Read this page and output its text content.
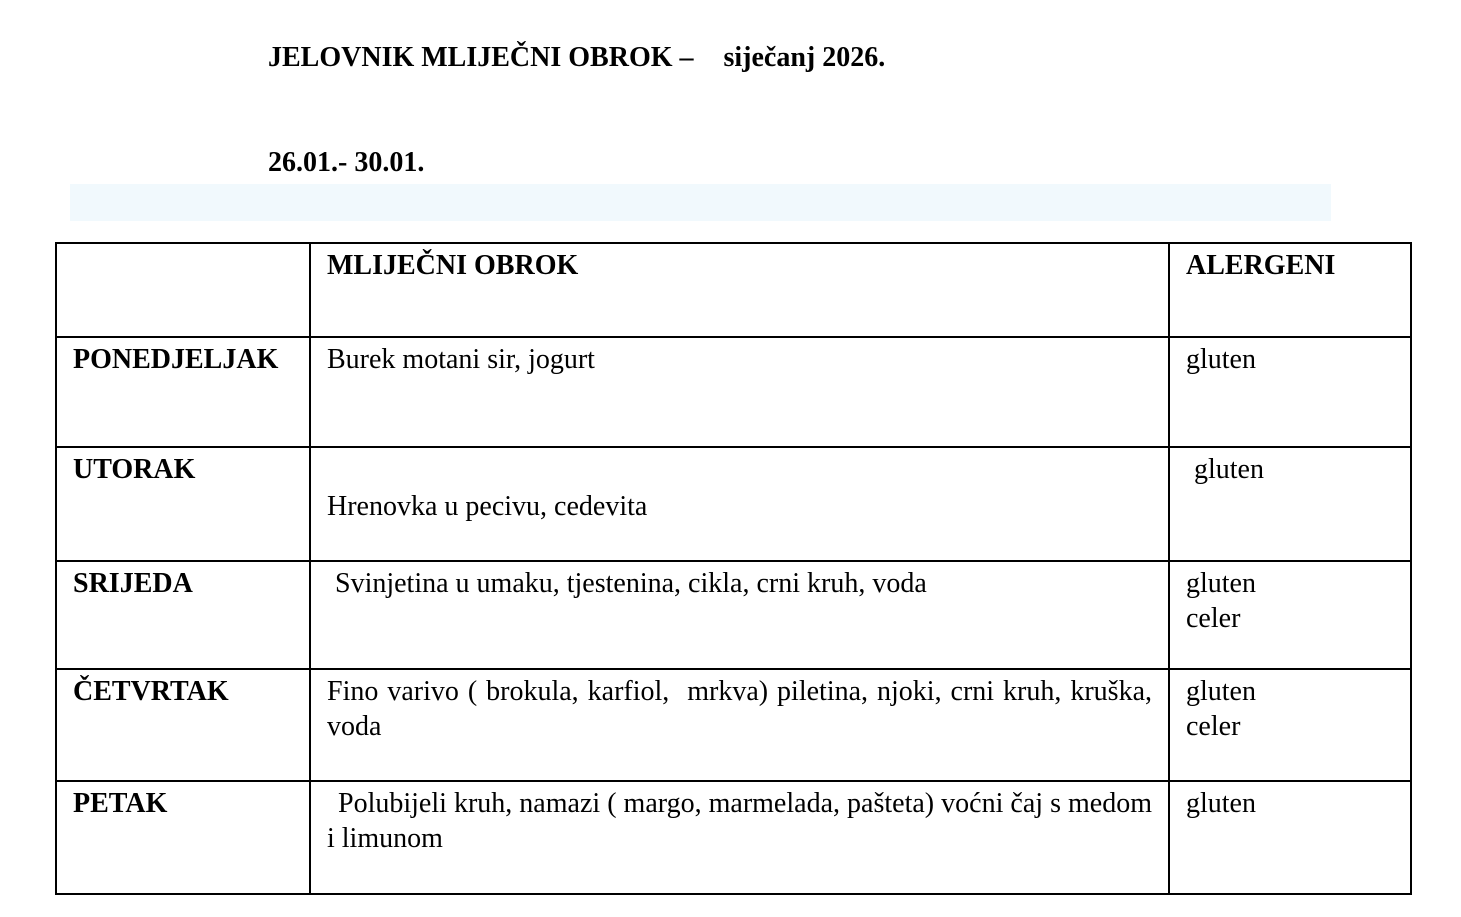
JELOVNIK MLIJEČNI OBROK – siječanj 2026.

26.01.- 30.01.

	MLIJEČNI OBROK	ALERGENI
PONEDJELJAK	Burek motani sir, jogurt	gluten

UTORAK	Hrenovka u pecivu, cedevita	gluten

SRIJEDA	Svinjetina u umaku, tjestenina, cikla, crni kruh, voda	gluten
celer

ČETVRTAK	Fino varivo ( brokula, karfiol,  mrkva) piletina, njoki, crni kruh, kruška, voda	gluten
celer

PETAK	Polubijeli kruh, namazi ( margo, marmelada, pašteta) voćni čaj s medom i limunom	gluten
